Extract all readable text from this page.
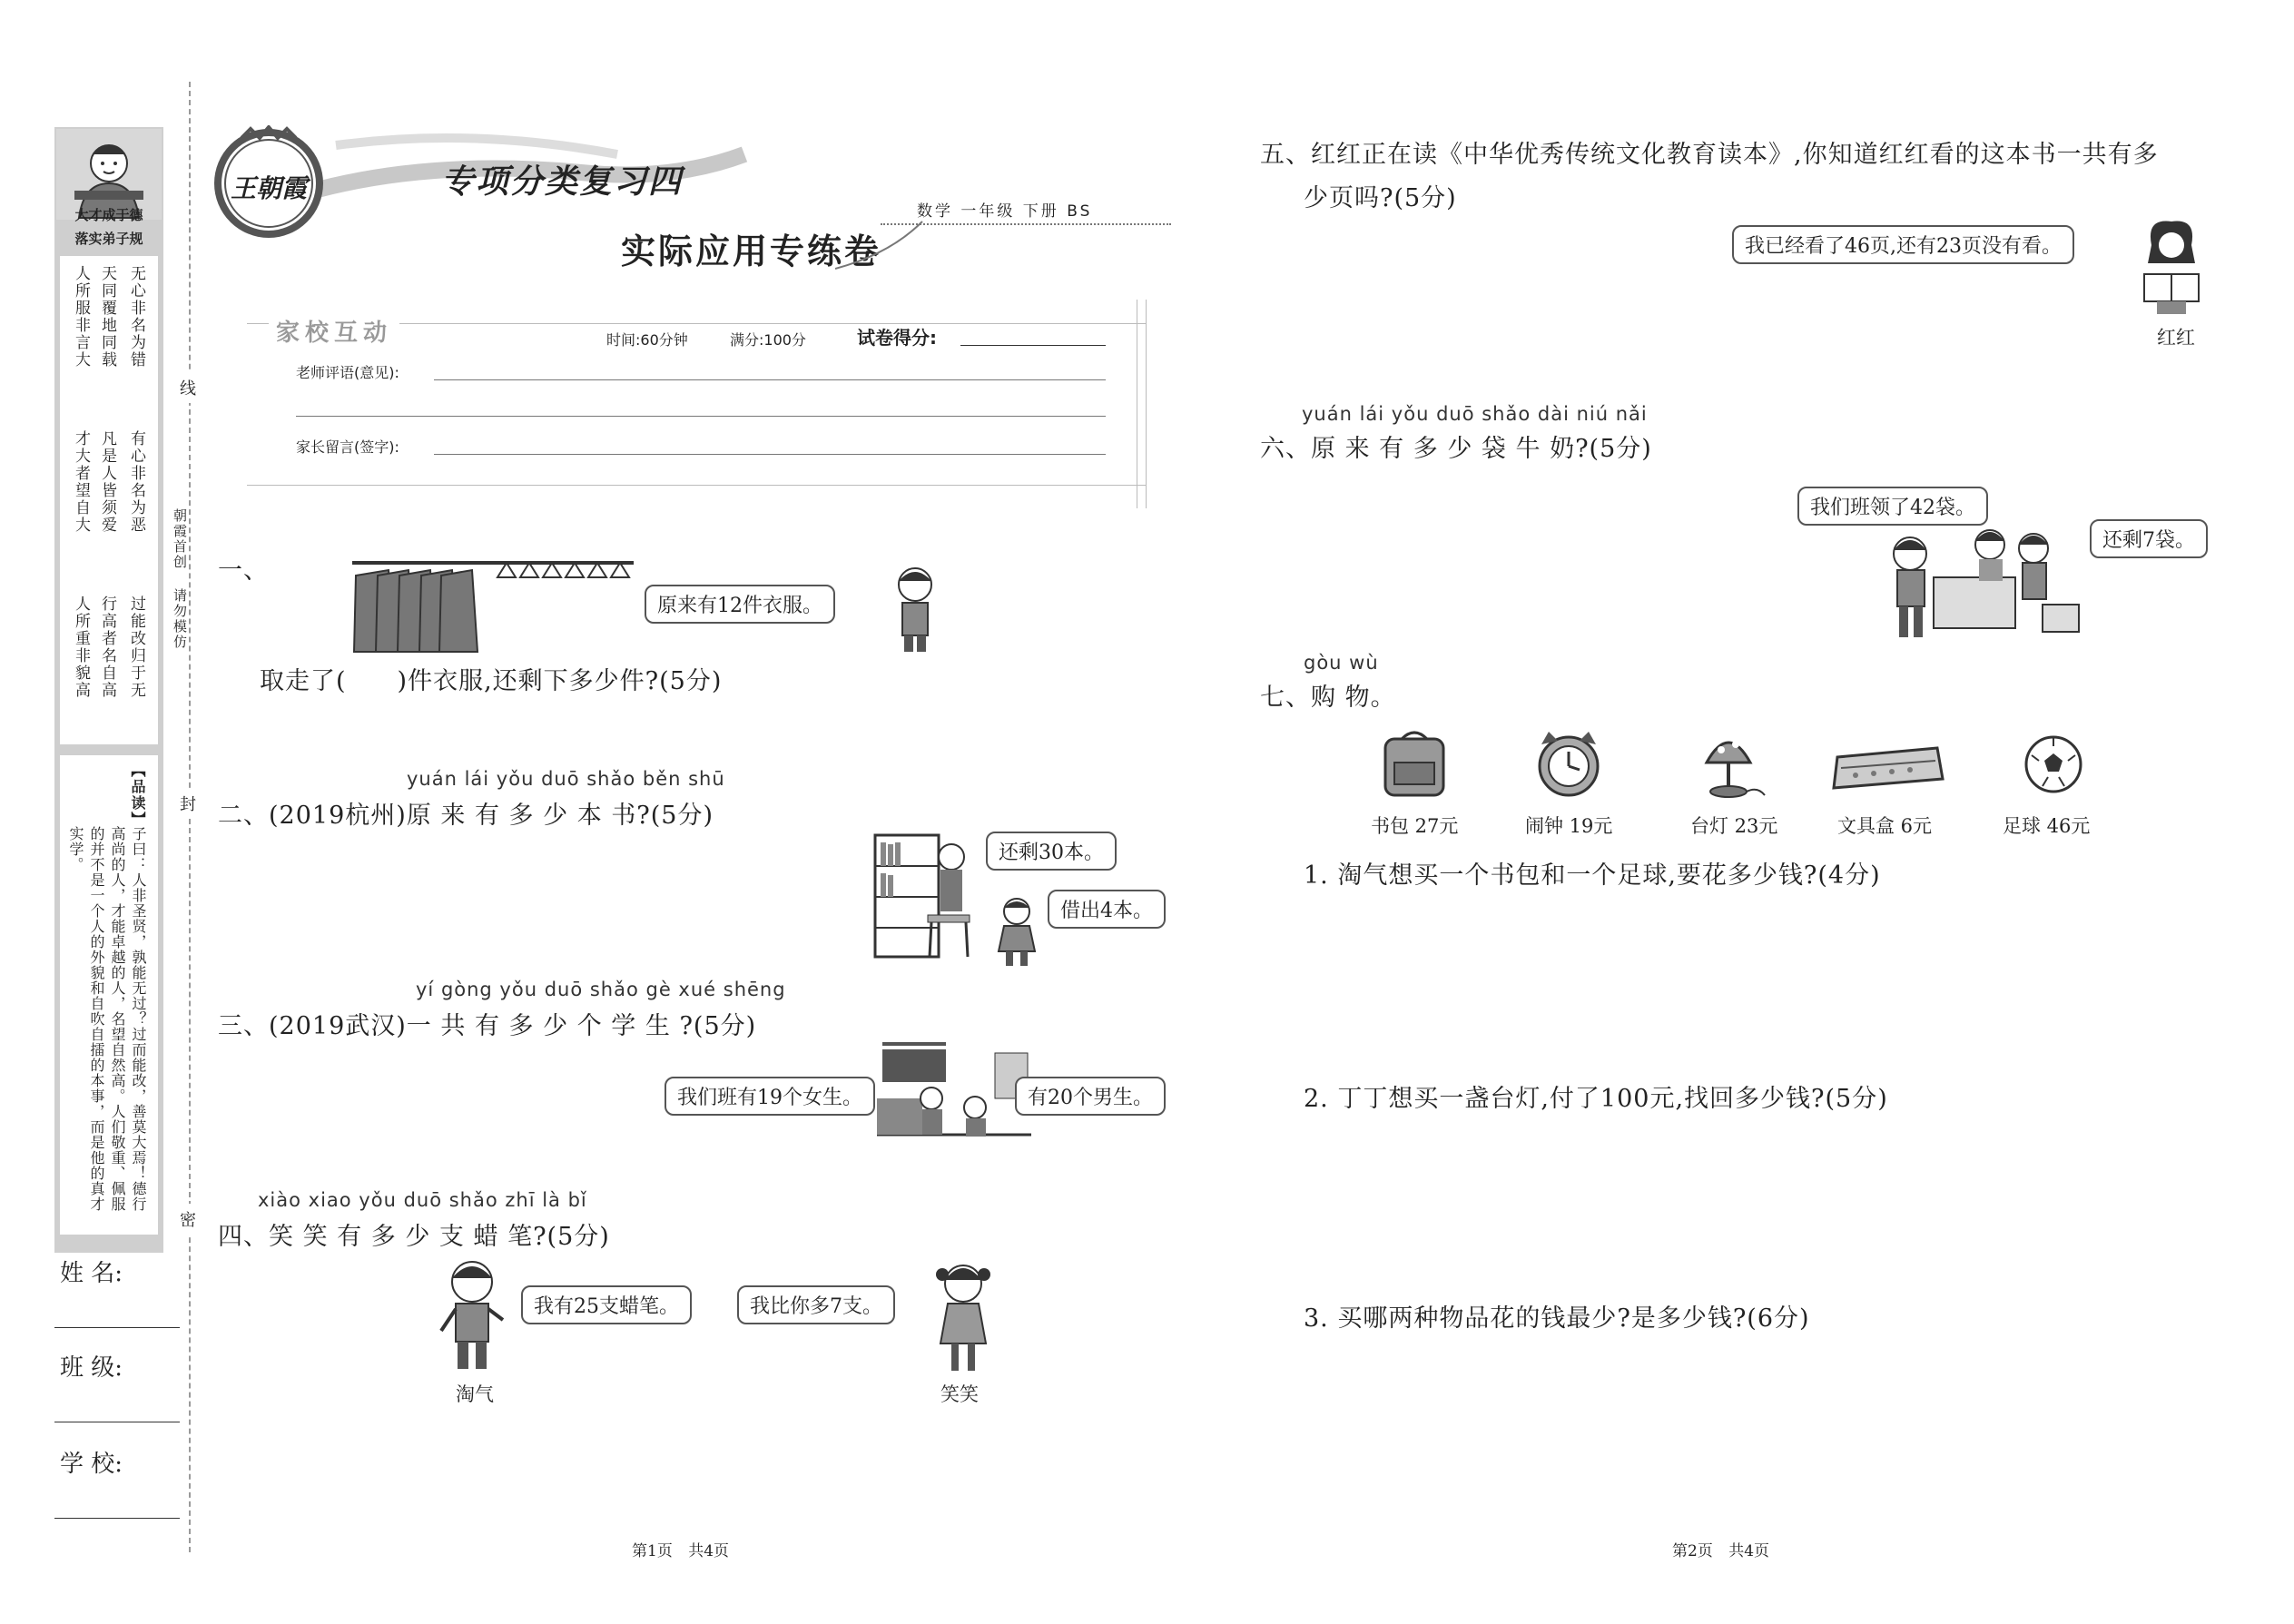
大才成于德
落实弟子规
人所服非言大
才大者望自大
人所重非貌高
天同覆地同载
凡是人皆须爱
行高者名自高
无心非名为错
有心非名为恶
过能改归于无
【品读】
子曰：人非圣贤，孰能无过？过而能改，善莫大焉！德行高尚的人，才能卓越的人，名望自然高。人们敬重、佩服的并不是一个人的外貌和自吹自擂的本事，而是他的真才实学。
姓 名:
班 级:
学 校:
线
封
密
朝霞首创 请勿模仿
王朝霞	专项分类复习四
数学 一年级 下册 BS
实际应用专练卷
家校互动	时间:60分钟	满分:100分	试卷得分:
老师评语(意见):
家长留言(签字):
一、
原来有12件衣服。
取走了(　　)件衣服,还剩下多少件?(5分)
yuán lái yǒu duō shǎo běn shū
二、(2019杭州)原 来 有 多 少 本 书?(5分)
还剩30本。
借出4本。
yí gòng yǒu duō shǎo gè xué shēng
三、(2019武汉)一 共 有 多 少 个 学 生 ?(5分)
我们班有19个女生。	有20个男生。
xiào xiao yǒu duō shǎo zhī là bǐ
四、笑 笑 有 多 少 支 蜡 笔?(5分)
我有25支蜡笔。	我比你多7支。
淘气	笑笑
第1页 共4页
五、红红正在读《中华优秀传统文化教育读本》,你知道红红看的这本书一共有多
少页吗?(5分)
我已经看了46页,还有23页没有看。
红红
yuán lái yǒu duō shǎo dài niú nǎi
六、原 来 有 多 少 袋 牛 奶?(5分)
我们班领了42袋。
还剩7袋。
gòu wù
七、购 物。
书包 27元	闹钟 19元	台灯 23元	文具盒 6元	足球 46元
1. 淘气想买一个书包和一个足球,要花多少钱?(4分)
2. 丁丁想买一盏台灯,付了100元,找回多少钱?(5分)
3. 买哪两种物品花的钱最少?是多少钱?(6分)
第2页 共4页
